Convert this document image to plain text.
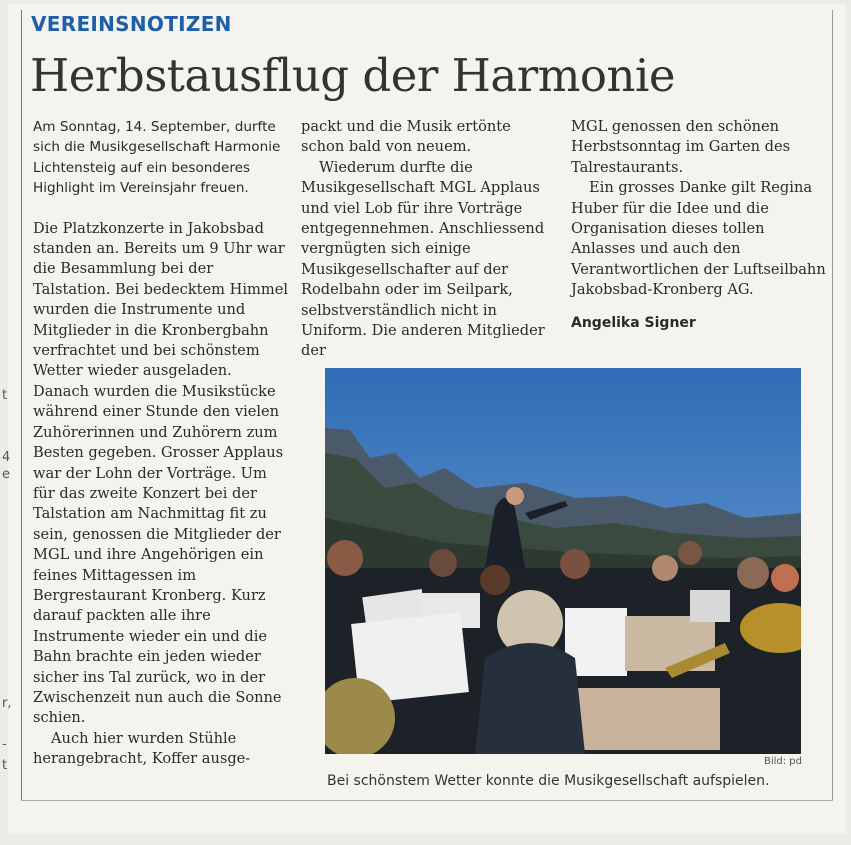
t
4
e
r,
-
t
VEREINSNOTIZEN
Herbstausflug der Harmonie

Am Sonntag, 14. September, durfte sich die Musikgesellschaft Harmonie Lichtensteig auf ein besonderes Highlight im Vereinsjahr freuen.

Die Platzkonzerte in Jakobsbad standen an. Bereits um 9 Uhr war die Besammlung bei der Talstation. Bei bedecktem Himmel wurden die Instrumente und Mitglieder in die Kronbergbahn verfrachtet und bei schönstem Wetter wieder ausgeladen. Danach wurden die Musikstücke während einer Stunde den vielen Zuhörerinnen und Zuhörern zum Besten gegeben. Grosser Applaus war der Lohn der Vorträge. Um für das zweite Konzert bei der Talstation am Nachmittag fit zu sein, genossen die Mitglieder der MGL und ihre Angehörigen ein feines Mittagessen im Bergrestaurant Kronberg. Kurz darauf packten alle ihre Instrumente wieder ein und die Bahn brachte ein jeden wieder sicher ins Tal zurück, wo in der Zwischenzeit nun auch die Sonne schien.

Auch hier wurden Stühle herangebracht, Koffer ausge-

packt und die Musik ertönte schon bald von neuem.

Wiederum durfte die Musikgesellschaft MGL Applaus und viel Lob für ihre Vorträge entgegennehmen. Anschliessend vergnügten sich einige Musikgesellschafter auf der Rodelbahn oder im Seilpark, selbstverständlich nicht in Uniform. Die anderen Mitglieder der

MGL genossen den schönen Herbstsonntag im Garten des Talrestaurants.

Ein grosses Danke gilt Regina Huber für die Idee und die Organisation dieses tollen Anlasses und auch den Verantwortlichen der Luftseilbahn Jakobsbad-Kronberg AG.

Angelika Signer

Bild: pd
Bei schönstem Wetter konnte die Musikgesellschaft aufspielen.
